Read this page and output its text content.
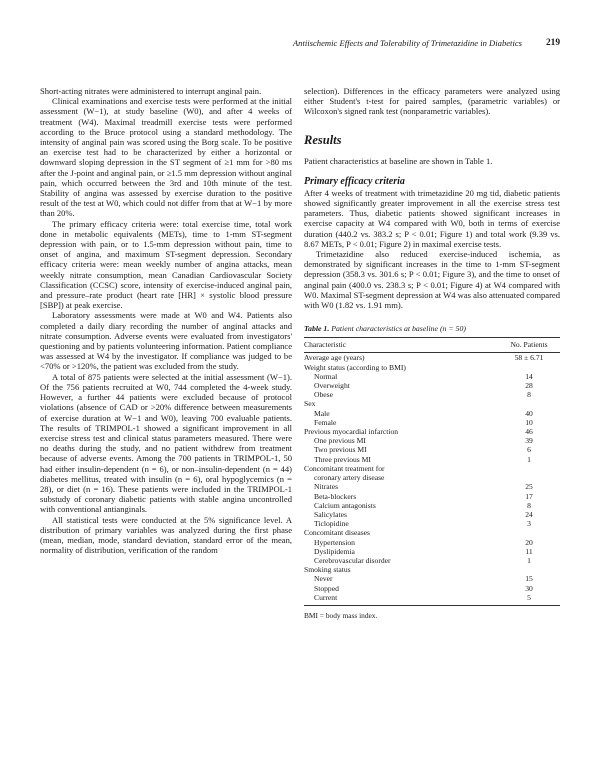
Antiischemic Effects and Tolerability of Trimetazidine in Diabetics	219

Short-acting nitrates were administered to interrupt anginal pain.

Clinical examinations and exercise tests were performed at the initial assessment (W−1), at study baseline (W0), and after 4 weeks of treatment (W4). Maximal treadmill exercise tests were performed according to the Bruce protocol using a standard methodology. The intensity of anginal pain was scored using the Borg scale. To be positive an exercise test had to be characterized by either a horizontal or downward sloping depression in the ST segment of ≥1 mm for >80 ms after the J-point and anginal pain, or ≥1.5 mm depression without anginal pain, which occurred between the 3rd and 10th minute of the test. Stability of angina was assessed by exercise duration to the positive result of the test at W0, which could not differ from that at W−1 by more than 20%.

The primary efficacy criteria were: total exercise time, total work done in metabolic equivalents (METs), time to 1-mm ST-segment depression with pain, or to 1.5-mm depression without pain, time to onset of angina, and maximum ST-segment depression. Secondary efficacy criteria were: mean weekly number of angina attacks, mean weekly nitrate consumption, mean Canadian Cardiovascular Society Classification (CCSC) score, intensity of exercise-induced anginal pain, and pressure–rate product (heart rate [HR] × systolic blood pressure [SBP]) at peak exercise.

Laboratory assessments were made at W0 and W4. Patients also completed a daily diary recording the number of anginal attacks and nitrate consumption. Adverse events were evaluated from investigators' questioning and by patients volunteering information. Patient compliance was assessed at W4 by the investigator. If compliance was judged to be <70% or >120%, the patient was excluded from the study.

A total of 875 patients were selected at the initial assessment (W−1). Of the 756 patients recruited at W0, 744 completed the 4-week study. However, a further 44 patients were excluded because of protocol violations (absence of CAD or >20% difference between measurements of exercise duration at W−1 and W0), leaving 700 evaluable patients. The results of TRIMPOL-1 showed a significant improvement in all exercise stress test and clinical status parameters measured. There were no deaths during the study, and no patient withdrew from treatment because of adverse events. Among the 700 patients in TRIMPOL-1, 50 had either insulin-dependent (n = 6), or non–insulin-dependent (n = 44) diabetes mellitus, treated with insulin (n = 6), oral hypoglycemics (n = 28), or diet (n = 16). These patients were included in the TRIMPOL-1 substudy of coronary diabetic patients with stable angina uncontrolled with conventional antianginals.

All statistical tests were conducted at the 5% significance level. A distribution of primary variables was analyzed during the first phase (mean, median, mode, standard deviation, standard error of the mean, normality of distribution, verification of the random

selection). Differences in the efficacy parameters were analyzed using either Student's t-test for paired samples, (parametric variables) or Wilcoxon's signed rank test (nonparametric variables).

Results

Patient characteristics at baseline are shown in Table 1.

Primary efficacy criteria

After 4 weeks of treatment with trimetazidine 20 mg tid, diabetic patients showed significantly greater improvement in all the exercise stress test parameters. Thus, diabetic patients showed significant increases in exercise capacity at W4 compared with W0, both in terms of exercise duration (440.2 vs. 383.2 s; P < 0.01; Figure 1) and total work (9.39 vs. 8.67 METs, P < 0.01; Figure 2) in maximal exercise tests.

Trimetazidine also reduced exercise-induced ischemia, as demonstrated by significant increases in the time to 1-mm ST-segment depression (358.3 vs. 301.6 s; P < 0.01; Figure 3), and the time to onset of anginal pain (400.0 vs. 238.3 s; P < 0.01; Figure 4) at W4 compared with W0. Maximal ST-segment depression at W4 was also attenuated compared with W0 (1.82 vs. 1.91 mm).

Table 1. Patient characteristics at baseline (n = 50)
Characteristic	No. Patients
Average age (years)	58 ± 6.71
Weight status (according to BMI)	
Normal	14
Overweight	28
Obese	8
Sex	
Male	40
Female	10
Previous myocardial infarction	46
One previous MI	39
Two previous MI	6
Three previous MI	1
Concomitant treatment for	
coronary artery disease	
Nitrates	25
Beta-blockers	17
Calcium antagonists	8
Salicylates	24
Ticlopidine	3
Concomitant diseases	
Hypertension	20
Dyslipidemia	11
Cerebrovascular disorder	1
Smoking status	
Never	15
Stopped	30
Current	5
BMI = body mass index.
